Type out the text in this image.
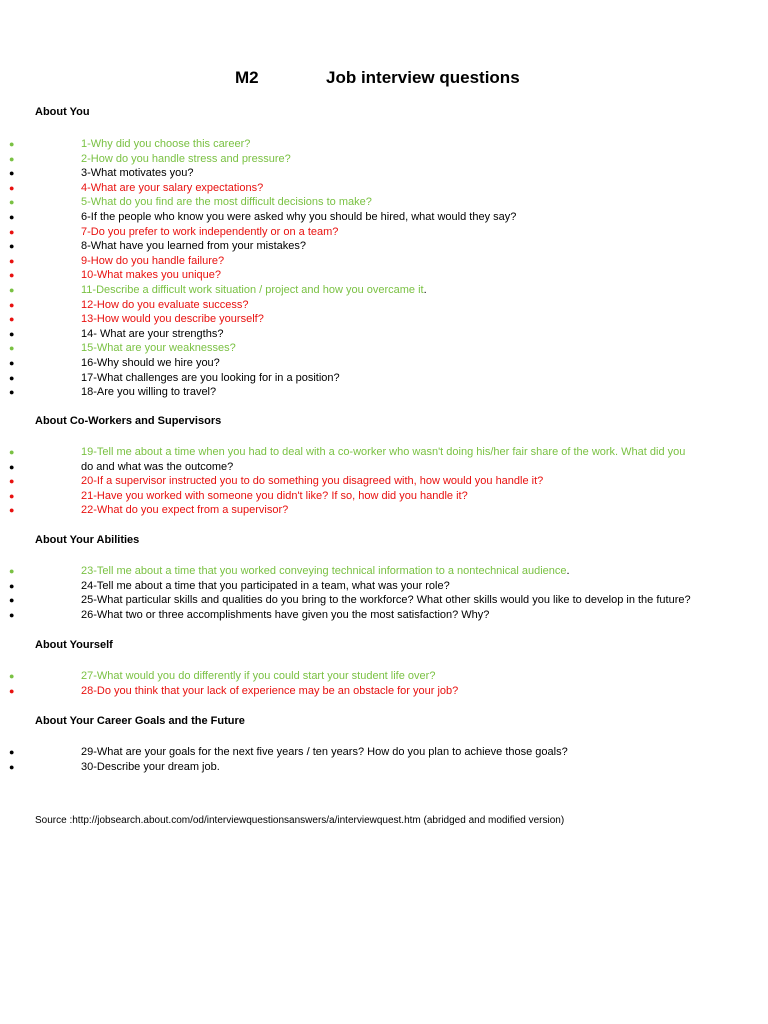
M2	Job interview questions
About You
●	1-Why did you choose this career?
●	2-How do you handle stress and pressure?
●	3-What motivates you?
●	4-What are your salary expectations?
●	5-What do you find are the most difficult decisions to make?
●	6-If the people who know you were asked why you should be hired, what would they say?
●	7-Do you prefer to work independently or on a team?
●	8-What have you learned from your mistakes?
●	9-How do you handle failure?
●	10-What makes you unique?
●	11-Describe a difficult work situation / project and how you overcame it.
●	12-How do you evaluate success?
●	13-How would you describe yourself?
●	14- What are your strengths?
●	15-What are your weaknesses?
●	16-Why should we hire you?
●	17-What challenges are you looking for in a position?
●	18-Are you willing to travel?
About Co-Workers and Supervisors
●	19-Tell me about a time when you had to deal with a co-worker who wasn't doing his/her fair share of the work. What did you
●	do and what was the outcome?
●	20-If a supervisor instructed you to do something you disagreed with, how would you handle it?
●	21-Have you worked with someone you didn't like? If so, how did you handle it?
●	22-What do you expect from a supervisor?
About Your Abilities
●	23-Tell me about a time that you worked conveying technical information to a nontechnical audience.
●	24-Tell me about a time that you participated in a team, what was your role?
●	25-What particular skills and qualities do you bring to the workforce? What other skills would you like to develop in the future?
●	26-What two or three accomplishments have given you the most satisfaction? Why?
About Yourself
●	27-What would you do differently if you could start your student life over?
●	28-Do you think that your lack of experience may be an obstacle for your job?
About Your Career Goals and the Future
●	29-What are your goals for the next five years / ten years? How do you plan to achieve those goals?
●	30-Describe your dream job.
Source :http://jobsearch.about.com/od/interviewquestionsanswers/a/interviewquest.htm (abridged and modified version)
